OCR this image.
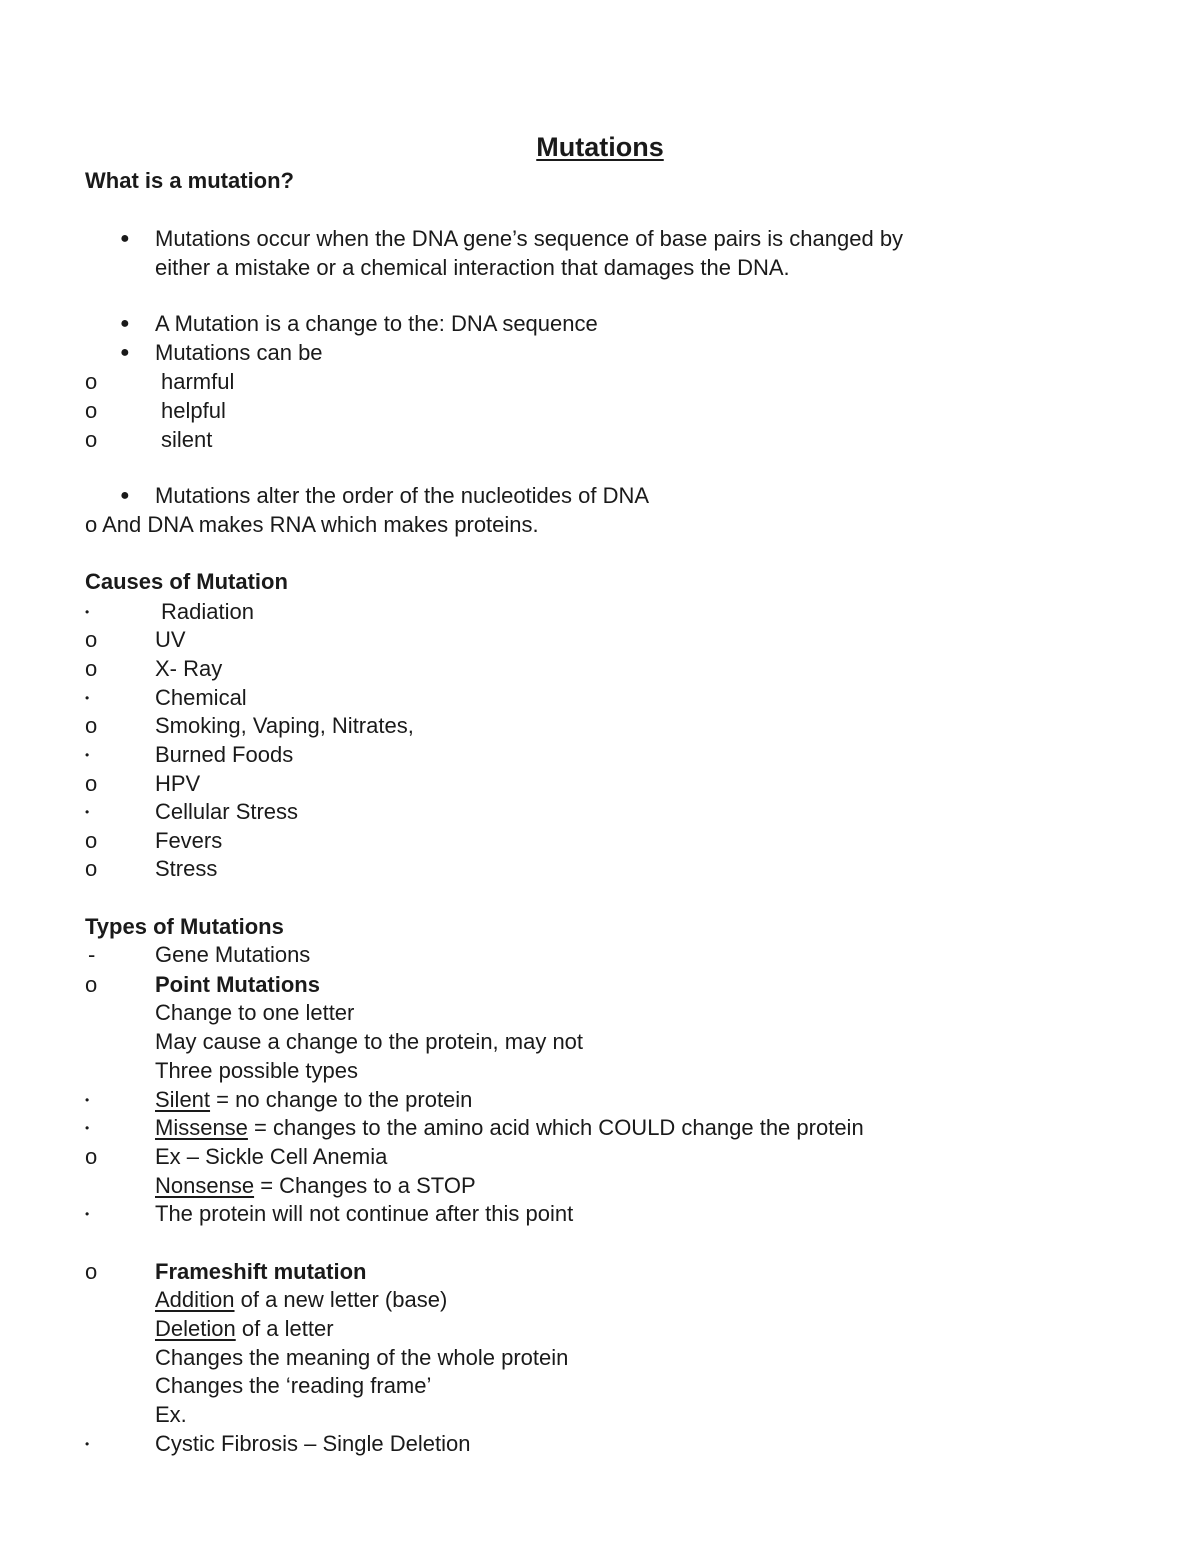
Mutations
What is a mutation?
● Mutations occur when the DNA gene’s sequence of base pairs is changed by
either a mistake or a chemical interaction that damages the DNA.
● A Mutation is a change to the: DNA sequence
● Mutations can be
o	harmful
o	helpful
o	silent
● Mutations alter the order of the nucleotides of DNA
o And DNA makes RNA which makes proteins.
Causes of Mutation
•	Radiation
o	UV
o	X- Ray
•	Chemical
o	Smoking, Vaping, Nitrates,
•	Burned Foods
o	HPV
•	Cellular Stress
o	Fevers
o	Stress
Types of Mutations
-	Gene Mutations
o	Point Mutations
Change to one letter
May cause a change to the protein, may not
Three possible types
•	Silent = no change to the protein
•	Missense = changes to the amino acid which COULD change the protein
o	Ex – Sickle Cell Anemia
Nonsense = Changes to a STOP
•	The protein will not continue after this point
o	Frameshift mutation
Addition of a new letter (base)
Deletion of a letter
Changes the meaning of the whole protein
Changes the ‘reading frame’
Ex.
•	Cystic Fibrosis – Single Deletion
